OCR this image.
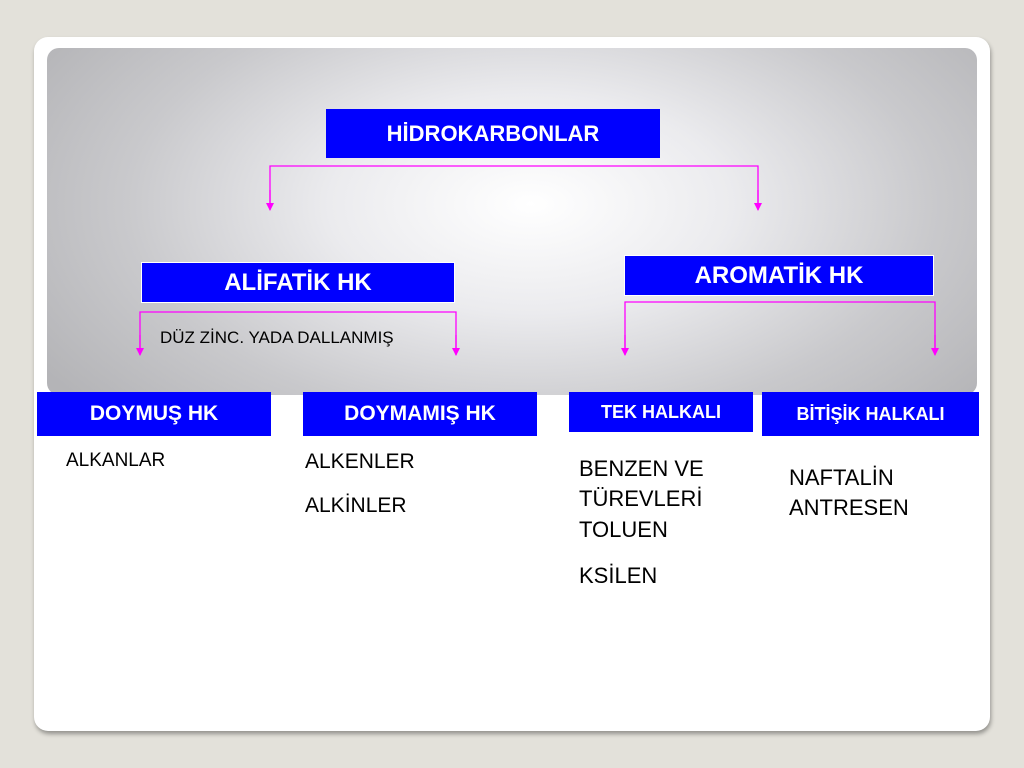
HİDROKARBONLAR
ALİFATİK HK	AROMATİK HK
DÜZ ZİNC. YADA DALLANMIŞ
DOYMUŞ HK	DOYMAMIŞ HK	TEK HALKALI	BİTİŞİK HALKALI
ALKANLAR	ALKENLER
ALKİNLER
BENZEN VE
TÜREVLERİ
TOLUEN
KSİLEN
NAFTALİN
ANTRESEN
